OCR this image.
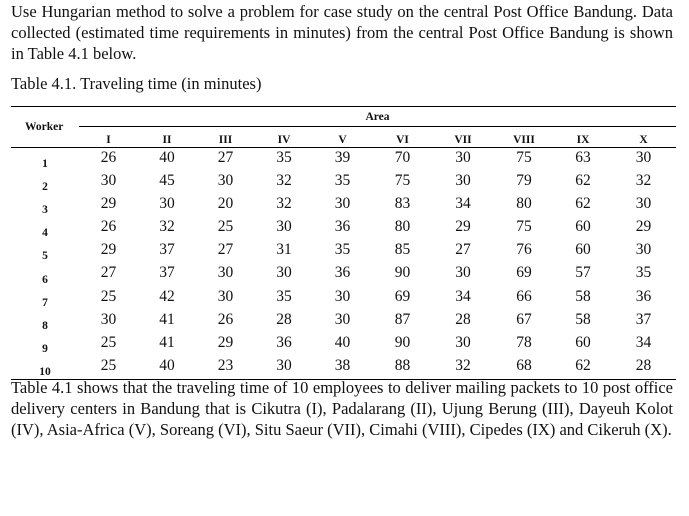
Use Hungarian method to solve a problem for case study on the central Post Office Bandung. Data collected (estimated time requirements in minutes) from the central Post Office Bandung is shown in Table 4.1 below.

Table 4.1. Traveling time (in minutes)
Worker	Area									
	I	II	III	IV	V	VI	VII	VIII	IX	X
1	26	40	27	35	39	70	30	75	63	30
2	30	45	30	32	35	75	30	79	62	32
3	29	30	20	32	30	83	34	80	62	30
4	26	32	25	30	36	80	29	75	60	29
5	29	37	27	31	35	85	27	76	60	30
6	27	37	30	30	36	90	30	69	57	35
7	25	42	30	35	30	69	34	66	58	36
8	30	41	26	28	30	87	28	67	58	37
9	25	41	29	36	40	90	30	78	60	34
10	25	40	23	30	38	88	32	68	62	28

Table 4.1 shows that the traveling time of 10 employees to deliver mailing packets to 10 post office delivery centers in Bandung that is Cikutra (I), Padalarang (II), Ujung Berung (III), Dayeuh Kolot (IV), Asia-Africa (V), Soreang (VI), Situ Saeur (VII), Cimahi (VIII), Cipedes (IX) and Cikeruh (X).
